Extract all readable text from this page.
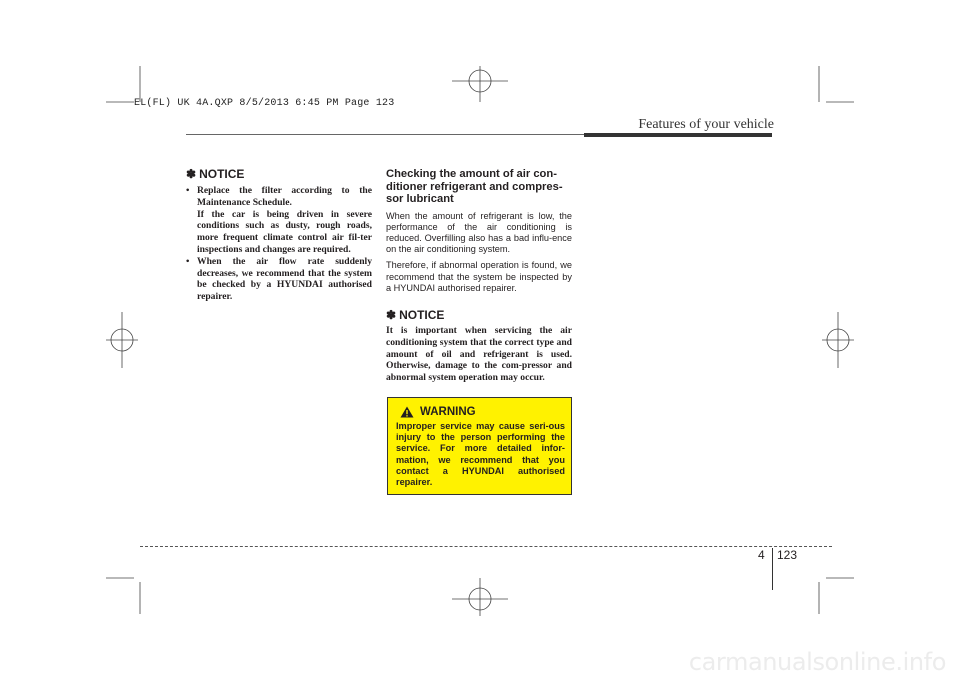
EL(FL) UK 4A.QXP 8/5/2013 6:45 PM Page 123
Features of your vehicle
✽ NOTICE
• Replace the filter according to the Maintenance Schedule.
If the car is being driven in severe conditions such as dusty, rough roads, more frequent climate control air fil-ter inspections and changes are required.
• When the air flow rate suddenly decreases, we recommend that the system be checked by a HYUNDAI authorised repairer.
Checking the amount of air con-ditioner refrigerant and compres-sor lubricant

When the amount of refrigerant is low, the performance of the air conditioning is reduced. Overfilling also has a bad influ-ence on the air conditioning system.

Therefore, if abnormal operation is found, we recommend that the system be inspected by a HYUNDAI authorised repairer.

✽ NOTICE
It is important when servicing the air conditioning system that the correct type and amount of oil and refrigerant is used. Otherwise, damage to the com-pressor and abnormal system operation may occur.
WARNING
Improper service may cause seri-ous injury to the person performing the service. For more detailed infor-mation, we recommend that you contact a HYUNDAI authorised repairer.
4 123
carmanualsonline.info
